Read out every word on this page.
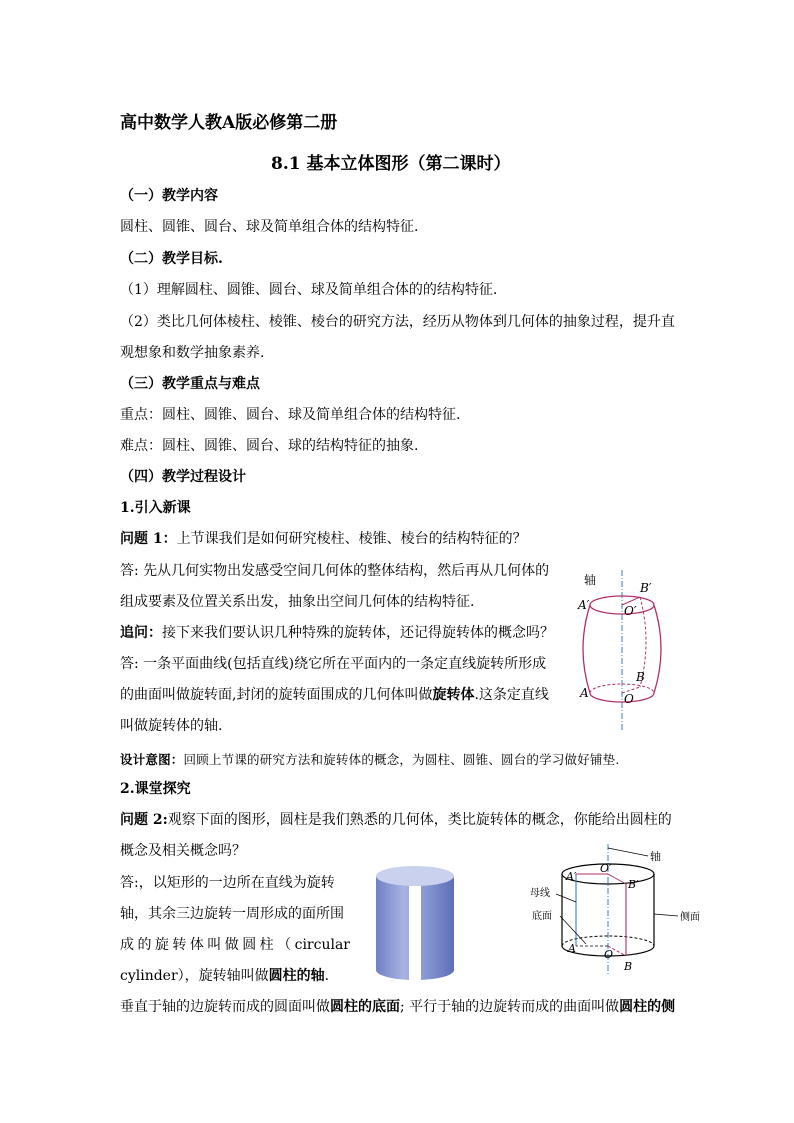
高中数学人教A版必修第二册
8.1 基本立体图形（第二课时）
（一）教学内容
圆柱、圆锥、圆台、球及简单组合体的结构特征.
（二）教学目标.
（1）理解圆柱、圆锥、圆台、球及简单组合体的的结构特征.
（2）类比几何体棱柱、棱锥、棱台的研究方法，经历从物体到几何体的抽象过程，提升直
观想象和数学抽象素养.
（三）教学重点与难点
重点：圆柱、圆锥、圆台、球及简单组合体的结构特征.
难点：圆柱、圆锥、圆台、球的结构特征的抽象.
（四）教学过程设计
1.引入新课
问题 1：上节课我们是如何研究棱柱、棱锥、棱台的结构特征的？
答: 先从几何实物出发感受空间几何体的整体结构，然后再从几何体的
组成要素及位置关系出发，抽象出空间几何体的结构特征.
追问：接下来我们要认识几种特殊的旋转体，还记得旋转体的概念吗？
答: 一条平面曲线(包括直线)绕它所在平面内的一条定直线旋转所形成
的曲面叫做旋转面,封闭的旋转面围成的几何体叫做旋转体.这条定直线
叫做旋转体的轴.
设计意图：回顾上节课的研究方法和旋转体的概念，为圆柱、圆锥、圆台的学习做好铺垫.
2.课堂探究
问题 2:观察下面的图形，圆柱是我们熟悉的几何体，类比旋转体的概念，你能给出圆柱的
概念及相关概念吗？
答:，以矩形的一边所在直线为旋转
轴，其余三边旋转一周形成的面所围
成的旋转体叫做圆柱（circular
cylinder），旋转轴叫做圆柱的轴.
垂直于轴的边旋转而成的圆面叫做圆柱的底面; 平行于轴的边旋转而成的曲面叫做圆柱的侧
轴
A′
B′
O′
A
B
O
轴
母线
底面	侧面
A′
O′
B′
A	O
B
